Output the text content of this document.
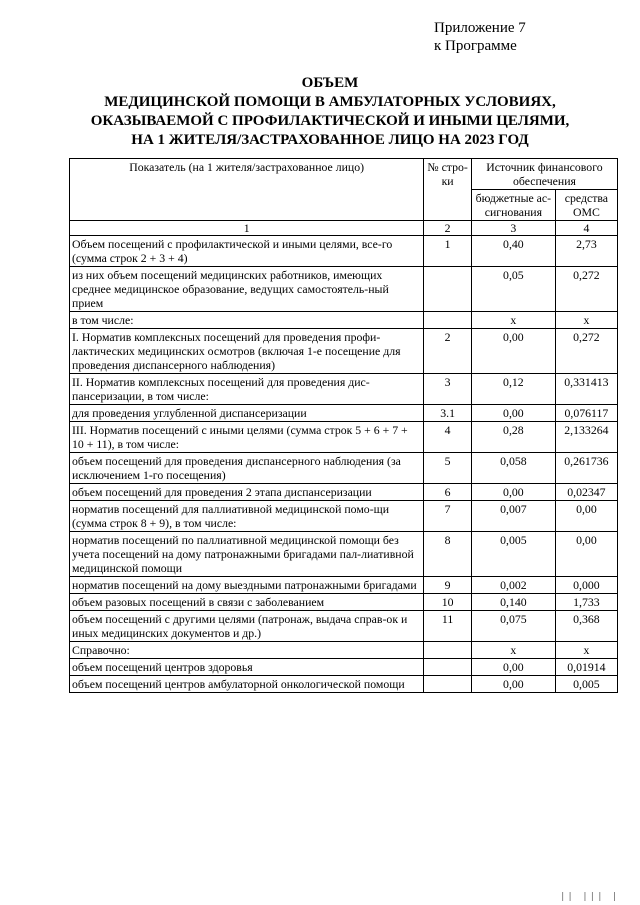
Приложение 7
к Программе
ОБЪЕМ
МЕДИЦИНСКОЙ ПОМОЩИ В АМБУЛАТОРНЫХ УСЛОВИЯХ,
ОКАЗЫВАЕМОЙ С ПРОФИЛАКТИЧЕСКОЙ И ИНЫМИ ЦЕЛЯМИ,
НА 1 ЖИТЕЛЯ/ЗАСТРАХОВАННОЕ ЛИЦО НА 2023 ГОД
Показатель (на 1 жителя/застрахованное лицо)	№ стро-ки	Источник финансового обеспечения	
		бюджетные ас-сигнования	средства ОМС
1	2	3	4
Объем посещений с профилактической и иными целями, все-го (сумма строк 2 + 3 + 4)	1	0,40	2,73
из них объем посещений медицинских работников, имеющих среднее медицинское образование, ведущих самостоятель-ный прием		0,05	0,272
в том числе:		х	х
I. Норматив комплексных посещений для проведения профи-лактических медицинских осмотров (включая 1-е посещение для проведения диспансерного наблюдения)	2	0,00	0,272
II. Норматив комплексных посещений для проведения дис-пансеризации, в том числе:	3	0,12	0,331413
для проведения углубленной диспансеризации	3.1	0,00	0,076117
III. Норматив посещений с иными целями (сумма строк 5 + 6 + 7 + 10 + 11), в том числе:	4	0,28	2,133264
объем посещений для проведения диспансерного наблюдения (за исключением 1-го посещения)	5	0,058	0,261736
объем посещений для проведения 2 этапа диспансеризации	6	0,00	0,02347
норматив посещений для паллиативной медицинской помо-щи (сумма строк 8 + 9), в том числе:	7	0,007	0,00
норматив посещений по паллиативной медицинской помощи без учета посещений на дому патронажными бригадами пал-лиативной медицинской помощи	8	0,005	0,00
норматив посещений на дому выездными патронажными бригадами	9	0,002	0,000
объем разовых посещений в связи с заболеванием	10	0,140	1,733
объем посещений с другими целями (патронаж, выдача справ-ок и иных медицинских документов и др.)	11	0,075	0,368
Справочно:		х	х
объем посещений центров здоровья		0,00	0,01914
объем посещений центров амбулаторной онкологической помощи		0,00	0,005
|| ||| |
